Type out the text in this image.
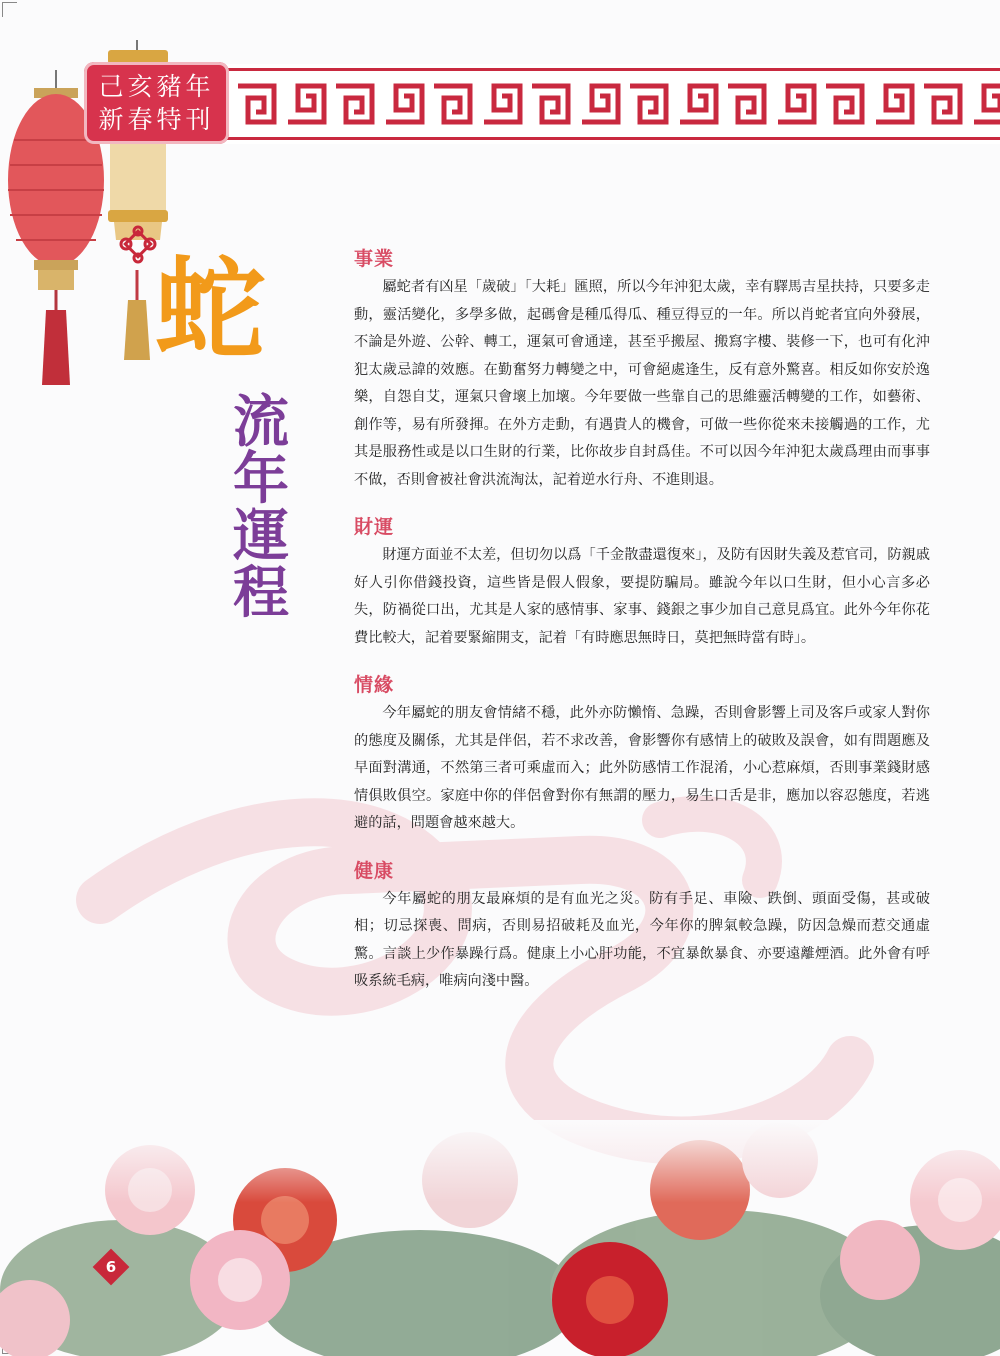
己亥豬年
新春特刊
蛇
流
年
運
程
事業

屬蛇者有凶星「歲破」「大耗」匯照，所以今年沖犯太歲，幸有驛馬吉星扶持，只要多走動，靈活變化，多學多做，起碼會是種瓜得瓜、種豆得豆的一年。所以肖蛇者宜向外發展，不論是外遊、公幹、轉工，運氣可會通達，甚至乎搬屋、搬寫字樓、裝修一下，也可有化沖犯太歲忌諱的效應。在勤奮努力轉變之中，可會絕處逢生，反有意外驚喜。相反如你安於逸樂，自怨自艾，運氣只會壞上加壞。今年要做一些靠自己的思維靈活轉變的工作，如藝術、創作等，易有所發揮。在外方走動，有遇貴人的機會，可做一些你從來未接觸過的工作，尤其是服務性或是以口生財的行業，比你故步自封爲佳。不可以因今年沖犯太歲爲理由而事事不做，否則會被社會洪流淘汰，記着逆水行舟、不進則退。

財運

財運方面並不太差，但切勿以爲「千金散盡還復來」，及防有因財失義及惹官司，防親戚好人引你借錢投資，這些皆是假人假象，要提防騙局。雖說今年以口生財，但小心言多必失，防禍從口出，尤其是人家的感情事、家事、錢銀之事少加自己意見爲宜。此外今年你花費比較大，記着要緊縮開支，記着「有時應思無時日，莫把無時當有時」。

情緣

今年屬蛇的朋友會情緒不穩，此外亦防懶惰、急躁，否則會影響上司及客戶或家人對你的態度及關係，尤其是伴侶，若不求改善，會影響你有感情上的破敗及誤會，如有問題應及早面對溝通，不然第三者可乘虛而入；此外防感情工作混淆，小心惹麻煩，否則事業錢財感情俱敗俱空。家庭中你的伴侶會對你有無謂的壓力，易生口舌是非，應加以容忍態度，若逃避的話，問題會越來越大。

健康

今年屬蛇的朋友最麻煩的是有血光之災。防有手足、車險、跌倒、頭面受傷，甚或破相；切忌探喪、問病，否則易招破耗及血光，今年你的脾氣較急躁，防因急燥而惹交通虛驚。言談上少作暴躁行爲。健康上小心肝功能，不宜暴飲暴食、亦要遠離煙酒。此外會有呼吸系統毛病，唯病向淺中醫。

6
